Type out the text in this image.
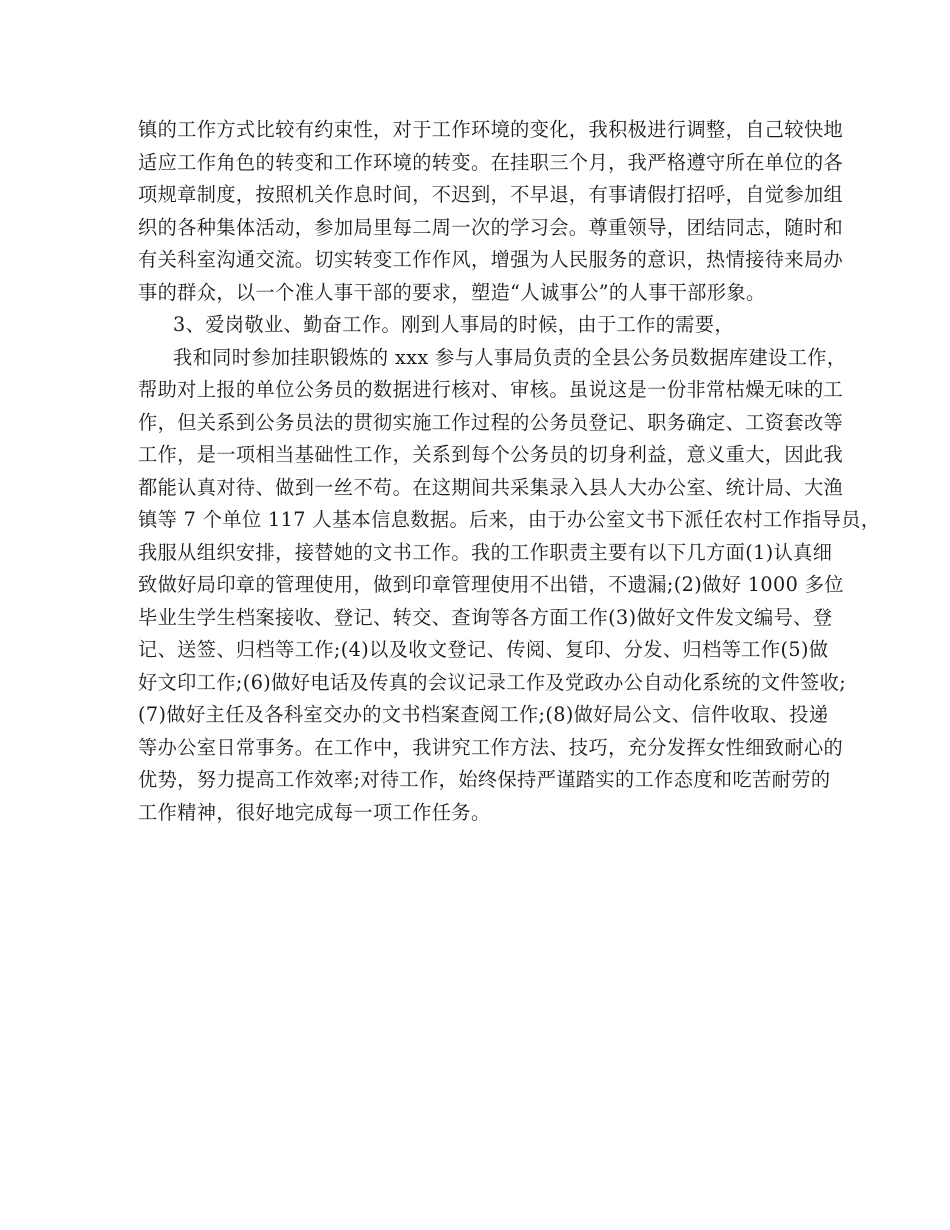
镇的工作方式比较有约束性，对于工作环境的变化，我积极进行调整，自己较快地
适应工作角色的转变和工作环境的转变。在挂职三个月，我严格遵守所在单位的各
项规章制度，按照机关作息时间，不迟到，不早退，有事请假打招呼，自觉参加组
织的各种集体活动，参加局里每二周一次的学习会。尊重领导，团结同志，随时和
有关科室沟通交流。切实转变工作作风，增强为人民服务的意识，热情接待来局办
事的群众，以一个准人事干部的要求，塑造“人诚事公”的人事干部形象。
3、爱岗敬业、勤奋工作。刚到人事局的时候，由于工作的需要，
我和同时参加挂职锻炼的 xxx 参与人事局负责的全县公务员数据库建设工作，
帮助对上报的单位公务员的数据进行核对、审核。虽说这是一份非常枯燥无味的工
作，但关系到公务员法的贯彻实施工作过程的公务员登记、职务确定、工资套改等
工作，是一项相当基础性工作，关系到每个公务员的切身利益，意义重大，因此我
都能认真对待、做到一丝不苟。在这期间共采集录入县人大办公室、统计局、大渔
镇等 7 个单位 117 人基本信息数据。后来，由于办公室文书下派任农村工作指导员，
我服从组织安排，接替她的文书工作。我的工作职责主要有以下几方面(1)认真细
致做好局印章的管理使用，做到印章管理使用不出错，不遗漏;(2)做好 1000 多位
毕业生学生档案接收、登记、转交、查询等各方面工作(3)做好文件发文编号、登
记、送签、归档等工作;(4)以及收文登记、传阅、复印、分发、归档等工作(5)做
好文印工作;(6)做好电话及传真的会议记录工作及党政办公自动化系统的文件签收;
(7)做好主任及各科室交办的文书档案查阅工作;(8)做好局公文、信件收取、投递
等办公室日常事务。在工作中，我讲究工作方法、技巧，充分发挥女性细致耐心的
优势，努力提高工作效率;对待工作，始终保持严谨踏实的工作态度和吃苦耐劳的
工作精神，很好地完成每一项工作任务。
